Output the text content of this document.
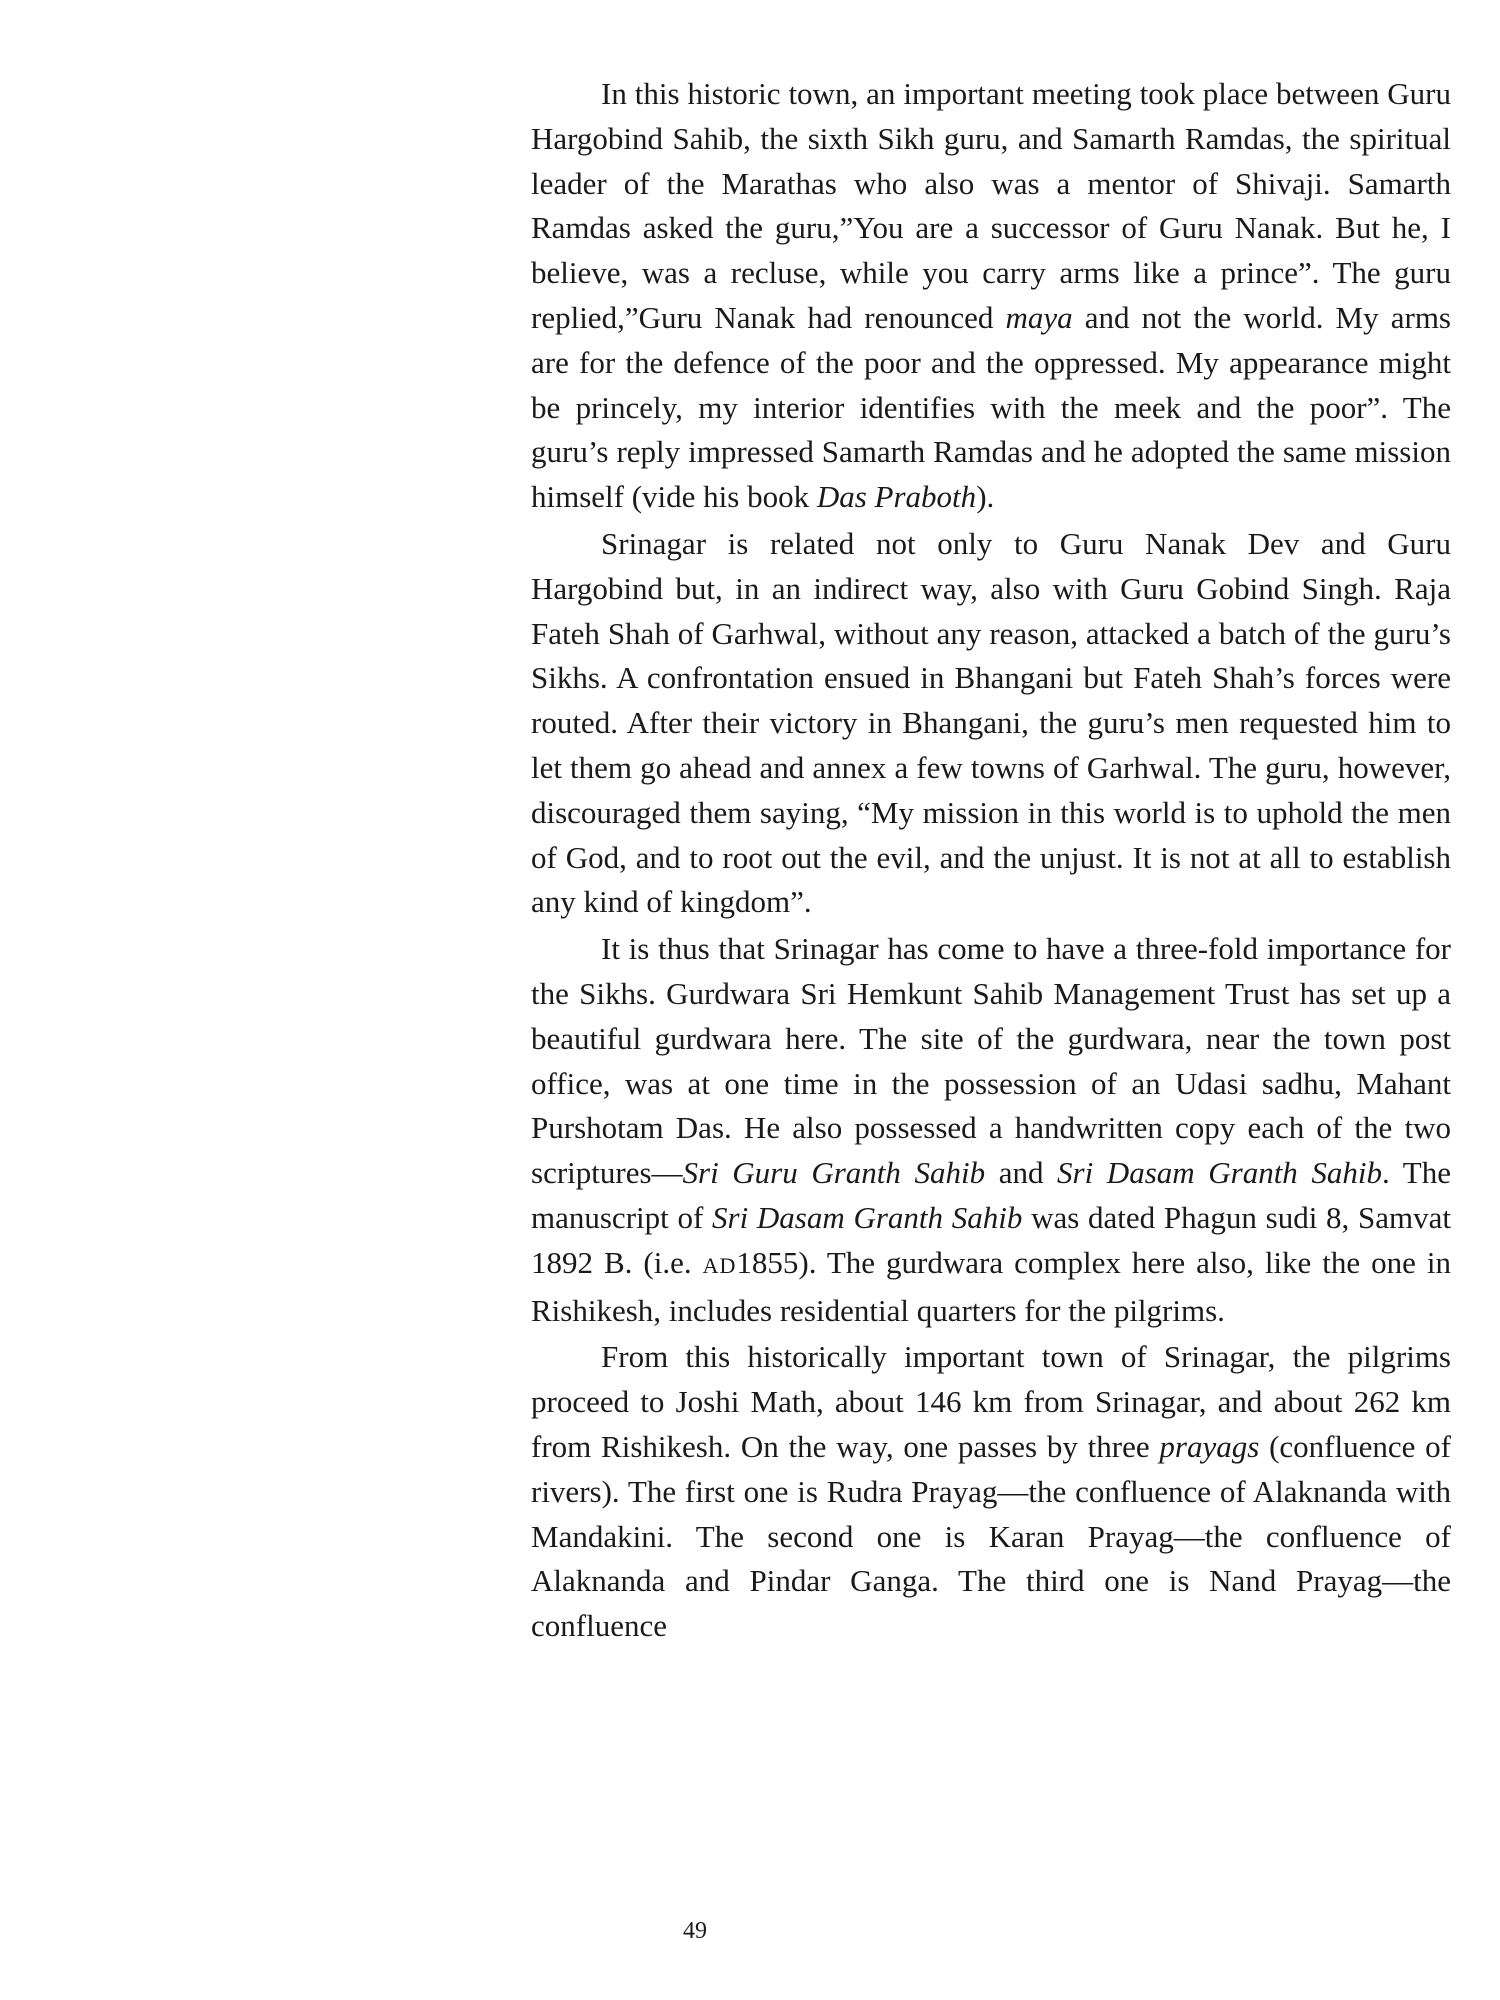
In this historic town, an important meeting took place between Guru Hargobind Sahib, the sixth Sikh guru, and Samarth Ramdas, the spiritual leader of the Marathas who also was a mentor of Shivaji. Samarth Ramdas asked the guru,”You are a successor of Guru Nanak. But he, I believe, was a recluse, while you carry arms like a prince”. The guru replied,”Guru Nanak had renounced maya and not the world. My arms are for the defence of the poor and the oppressed. My appearance might be princely, my interior identifies with the meek and the poor”. The guru’s reply impressed Samarth Ramdas and he adopted the same mission himself (vide his book Das Praboth).

Srinagar is related not only to Guru Nanak Dev and Guru Hargobind but, in an indirect way, also with Guru Gobind Singh. Raja Fateh Shah of Garhwal, without any reason, attacked a batch of the guru’s Sikhs. A confrontation ensued in Bhangani but Fateh Shah’s forces were routed. After their victory in Bhangani, the guru’s men requested him to let them go ahead and annex a few towns of Garhwal. The guru, however, discouraged them saying, “My mission in this world is to uphold the men of God, and to root out the evil, and the unjust. It is not at all to establish any kind of kingdom”.

It is thus that Srinagar has come to have a three-fold importance for the Sikhs. Gurdwara Sri Hemkunt Sahib Management Trust has set up a beautiful gurdwara here. The site of the gurdwara, near the town post office, was at one time in the possession of an Udasi sadhu, Mahant Purshotam Das. He also possessed a handwritten copy each of the two scriptures—Sri Guru Granth Sahib and Sri Dasam Granth Sahib. The manuscript of Sri Dasam Granth Sahib was dated Phagun sudi 8, Samvat 1892 B. (i.e. AD1855). The gurdwara complex here also, like the one in Rishikesh, includes residential quarters for the pilgrims.

From this historically important town of Srinagar, the pilgrims proceed to Joshi Math, about 146 km from Srinagar, and about 262 km from Rishikesh. On the way, one passes by three prayags (confluence of rivers). The first one is Rudra Prayag—the confluence of Alaknanda with Mandakini. The second one is Karan Prayag—the confluence of Alaknanda and Pindar Ganga. The third one is Nand Prayag—the confluence

49
